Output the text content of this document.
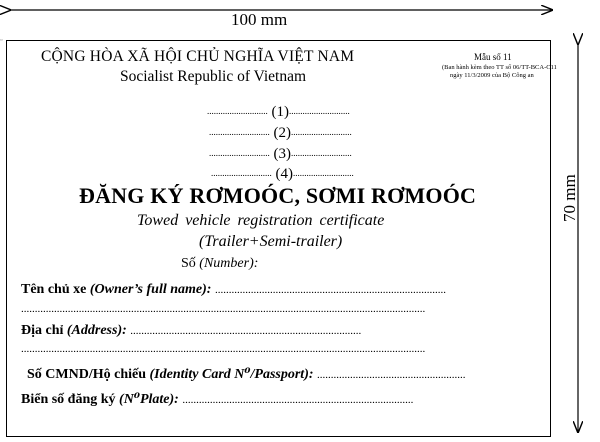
100 mm
70 mm
▫
CỘNG HÒA XÃ HỘI CHỦ NGHĨA VIỆT NAM
Socialist Republic of Vietnam
Mẫu số 11
(Ban hành kèm theo TT số 06/TT-BCA-C11
ngày 11/3/2009 của Bộ Công an
........................... (1)...........................
........................... (2)...........................
........................... (3)...........................
........................... (4)...........................
ĐĂNG KÝ RƠMOÓC, SƠMI RƠMOÓC
Towed vehicle registration certificate
(Trailer+Semi-trailer)
Số (Number):
Tên chủ xe (Owner’s full name): ....................................................................................
...................................................................................................................................................
Địa chỉ (Address): ....................................................................................
...................................................................................................................................................
Số CMND/Hộ chiếu (Identity Card N⁰/Passport): ......................................................
Biển số đăng ký (N⁰Plate): ....................................................................................
